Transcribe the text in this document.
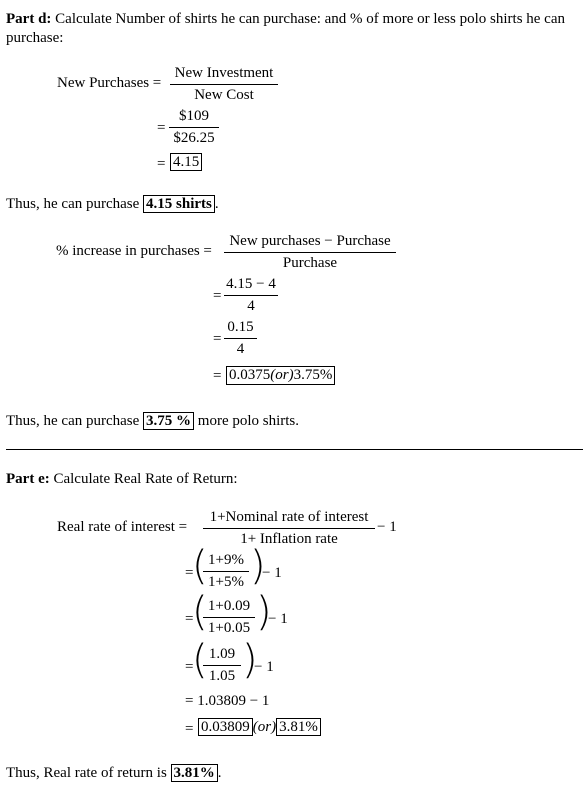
Part d: Calculate Number of shirts he can purchase: and % of more or less polo shirts he can purchase:
New Purchases =
New Investment
New Cost
= $\frac{\$109}{\$26.25}$
= 4.15
Thus, he can purchase 4.15 shirts .
% increase in purchases =
New purchases − Purchase
Purchase
= $\frac{4.15 - 4}{4}$
= $\frac{0.15}{4}$
= 0.0375(or)3.75%
Thus, he can purchase 3.75 % more polo shirts.
Part e: Calculate Real Rate of Return:
Real rate of interest =
1+Nominal rate of interest
1+ Inflation rate
− 1
=
(
$\frac{1+9\%}{1+5\%}$ )
− 1
=
(
$\frac{1+0.09}{1+0.05}$ )
− 1
=
(
$\frac{1.09}{1.05}$ )
− 1
= 1.03809 − 1
= 0.03809 (or) 3.81%
Thus, Real rate of return is 3.81% .
